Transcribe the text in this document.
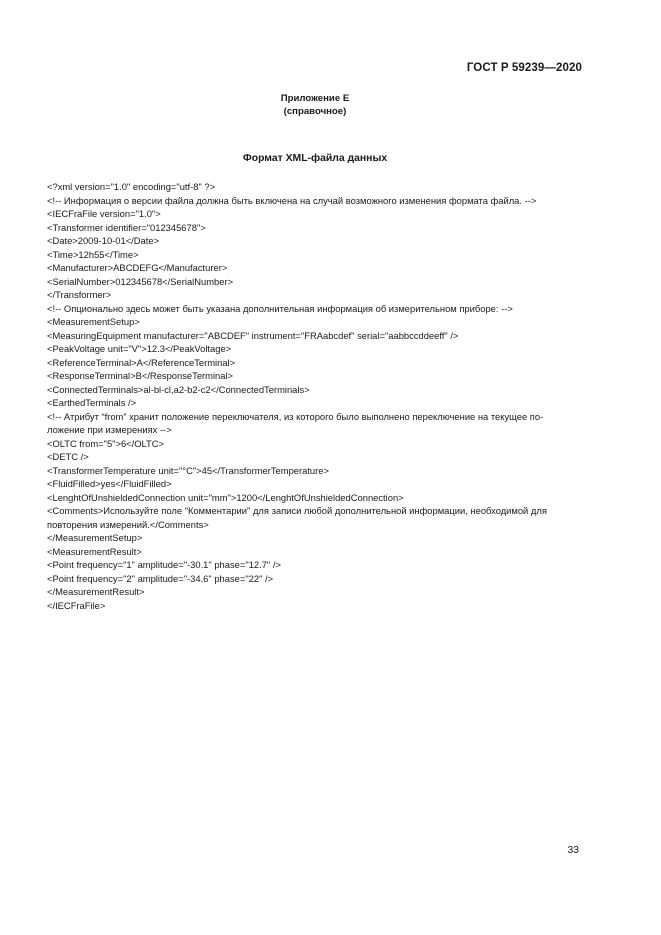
ГОСТ Р 59239—2020
Приложение Е
(справочное)
Формат XML-файла данных
<?xml version="1.0" encoding="utf-8" ?>
<!-- Информация о версии файла должна быть включена на случай возможного изменения формата файла. -->
<IECFraFile version="1.0">
<Transformer identifier="012345678">
<Date>2009-10-01</Date>
<Time>12h55</Time>
<Manufacturer>ABCDEFG</Manufacturer>
<SerialNumber>012345678</SerialNumber>
</Transformer>
<!-- Опционально здесь может быть указана дополнительная информация об измерительном приборе: -->
<MeasurementSetup>
<MeasuringEquipment manufacturer="ABCDEF" instrument="FRAabcdef" serial="aabbccddeeff" />
<PeakVoltage unit="V">12.3</PeakVoltage>
<ReferenceTerminal>A</ReferenceTerminal>
<ResponseTerminal>B</ResponseTerminal>
<ConnectedTerminals>al-bl-cl,a2-b2-c2</ConnectedTerminals>
<EarthedTerminals />
<!-- Атрибут “from” хранит положение переключателя, из которого было выполнено переключение на текущее по-
ложение при измерениях -->
<OLTC from="5">6</OLTC>
<DETC />
<TransformerTemperature unit="°C">45</TransformerTemperature>
<FluidFilled>yes</FluidFilled>
<LenghtOfUnshieldedConnection unit="mm">1200</LenghtOfUnshieldedConnection>
<Comments>Используйте поле "Комментарии" для записи любой дополнительной информации, необходимой для
повторения измерений.</Comments>
</MeasurementSetup>
<MeasurementResult>
<Point frequency="1" amplitude="-30.1" phase="12.7" />
<Point frequency="2" amplitude="-34.6" phase="22" />
</MeasurementResult>
</IECFraFile>
33
